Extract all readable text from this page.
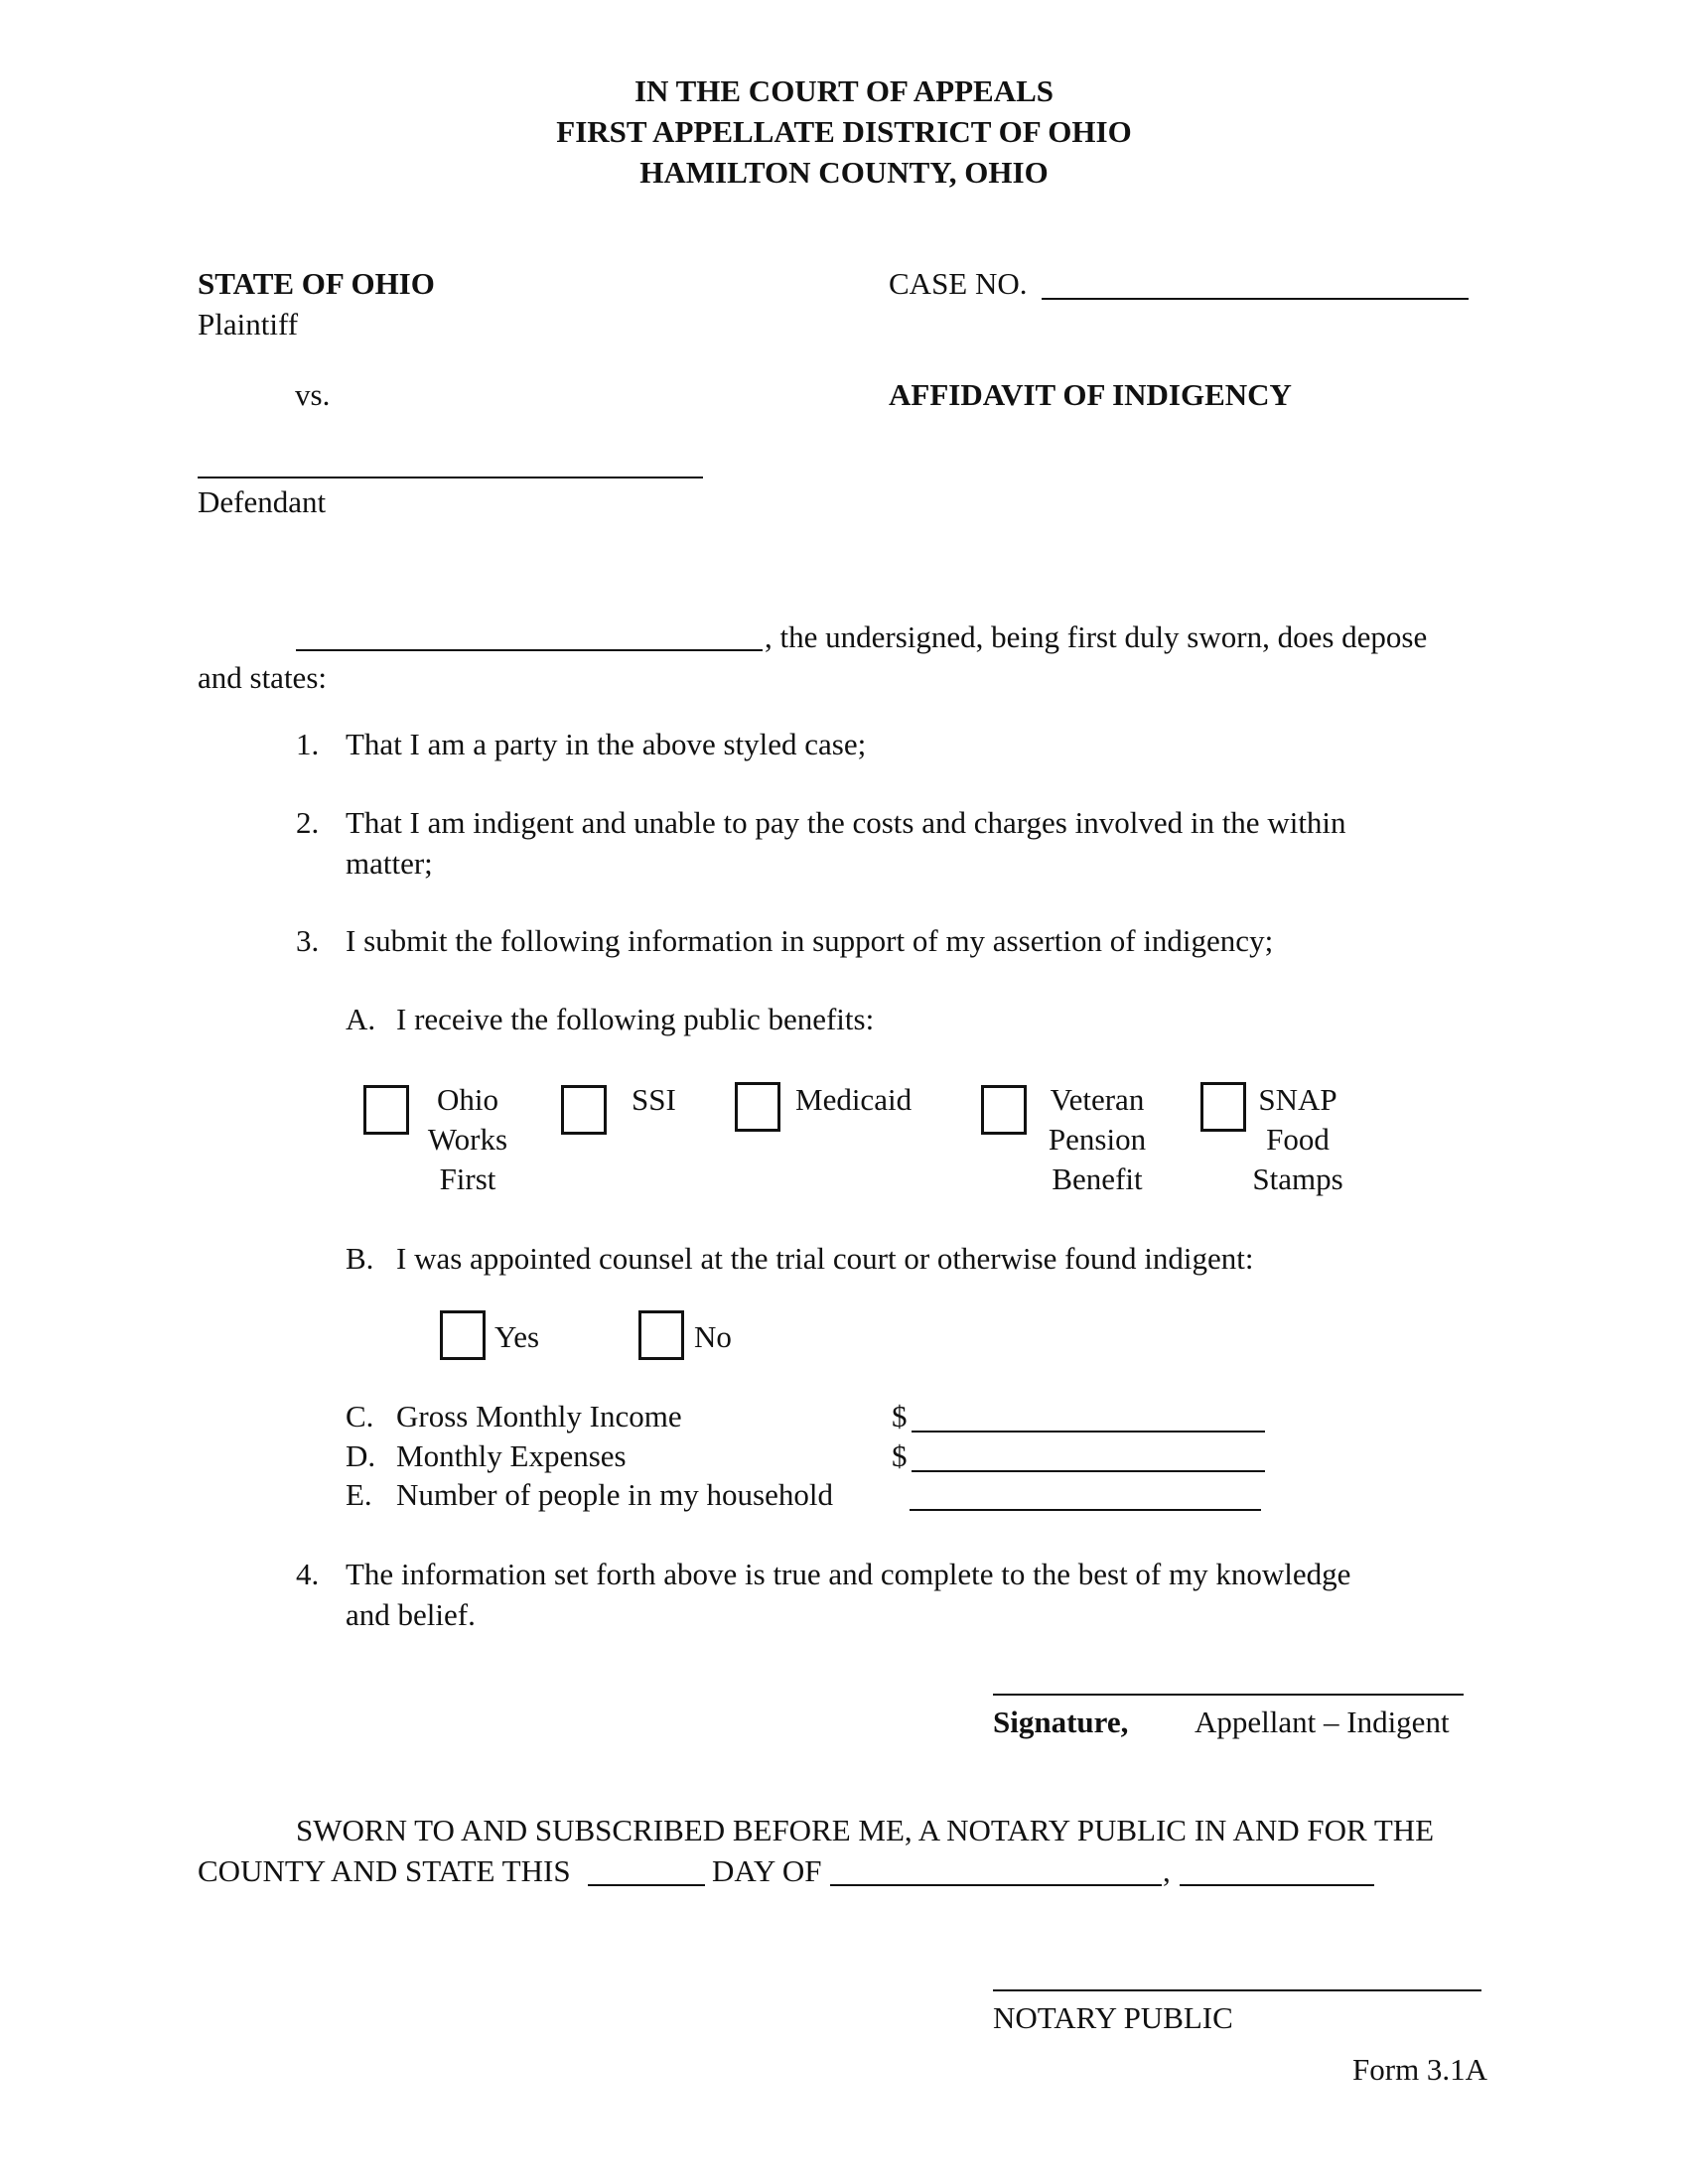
IN THE COURT OF APPEALS
FIRST APPELLATE DISTRICT OF OHIO
HAMILTON COUNTY, OHIO
STATE OF OHIO
Plaintiff
CASE NO.
vs.	AFFIDAVIT OF INDIGENCY
Defendant
, the undersigned, being first duly sworn, does depose
and states:
1. That I am a party in the above styled case;
2. That I am indigent and unable to pay the costs and charges involved in the within
matter;
3. I submit the following information in support of my assertion of indigency;
A. I receive the following public benefits:
Ohio
Works
First
SSI	Medicaid	Veteran
Pension
Benefit
SNAP
Food
Stamps
B. I was appointed counsel at the trial court or otherwise found indigent:
Yes	No
C. Gross Monthly Income	$
D. Monthly Expenses	$
E. Number of people in my household
4. The information set forth above is true and complete to the best of my knowledge
and belief.
Signature, Appellant – Indigent
SWORN TO AND SUBSCRIBED BEFORE ME, A NOTARY PUBLIC IN AND FOR THE
COUNTY AND STATE THIS	DAY OF	,
NOTARY PUBLIC
Form 3.1A
